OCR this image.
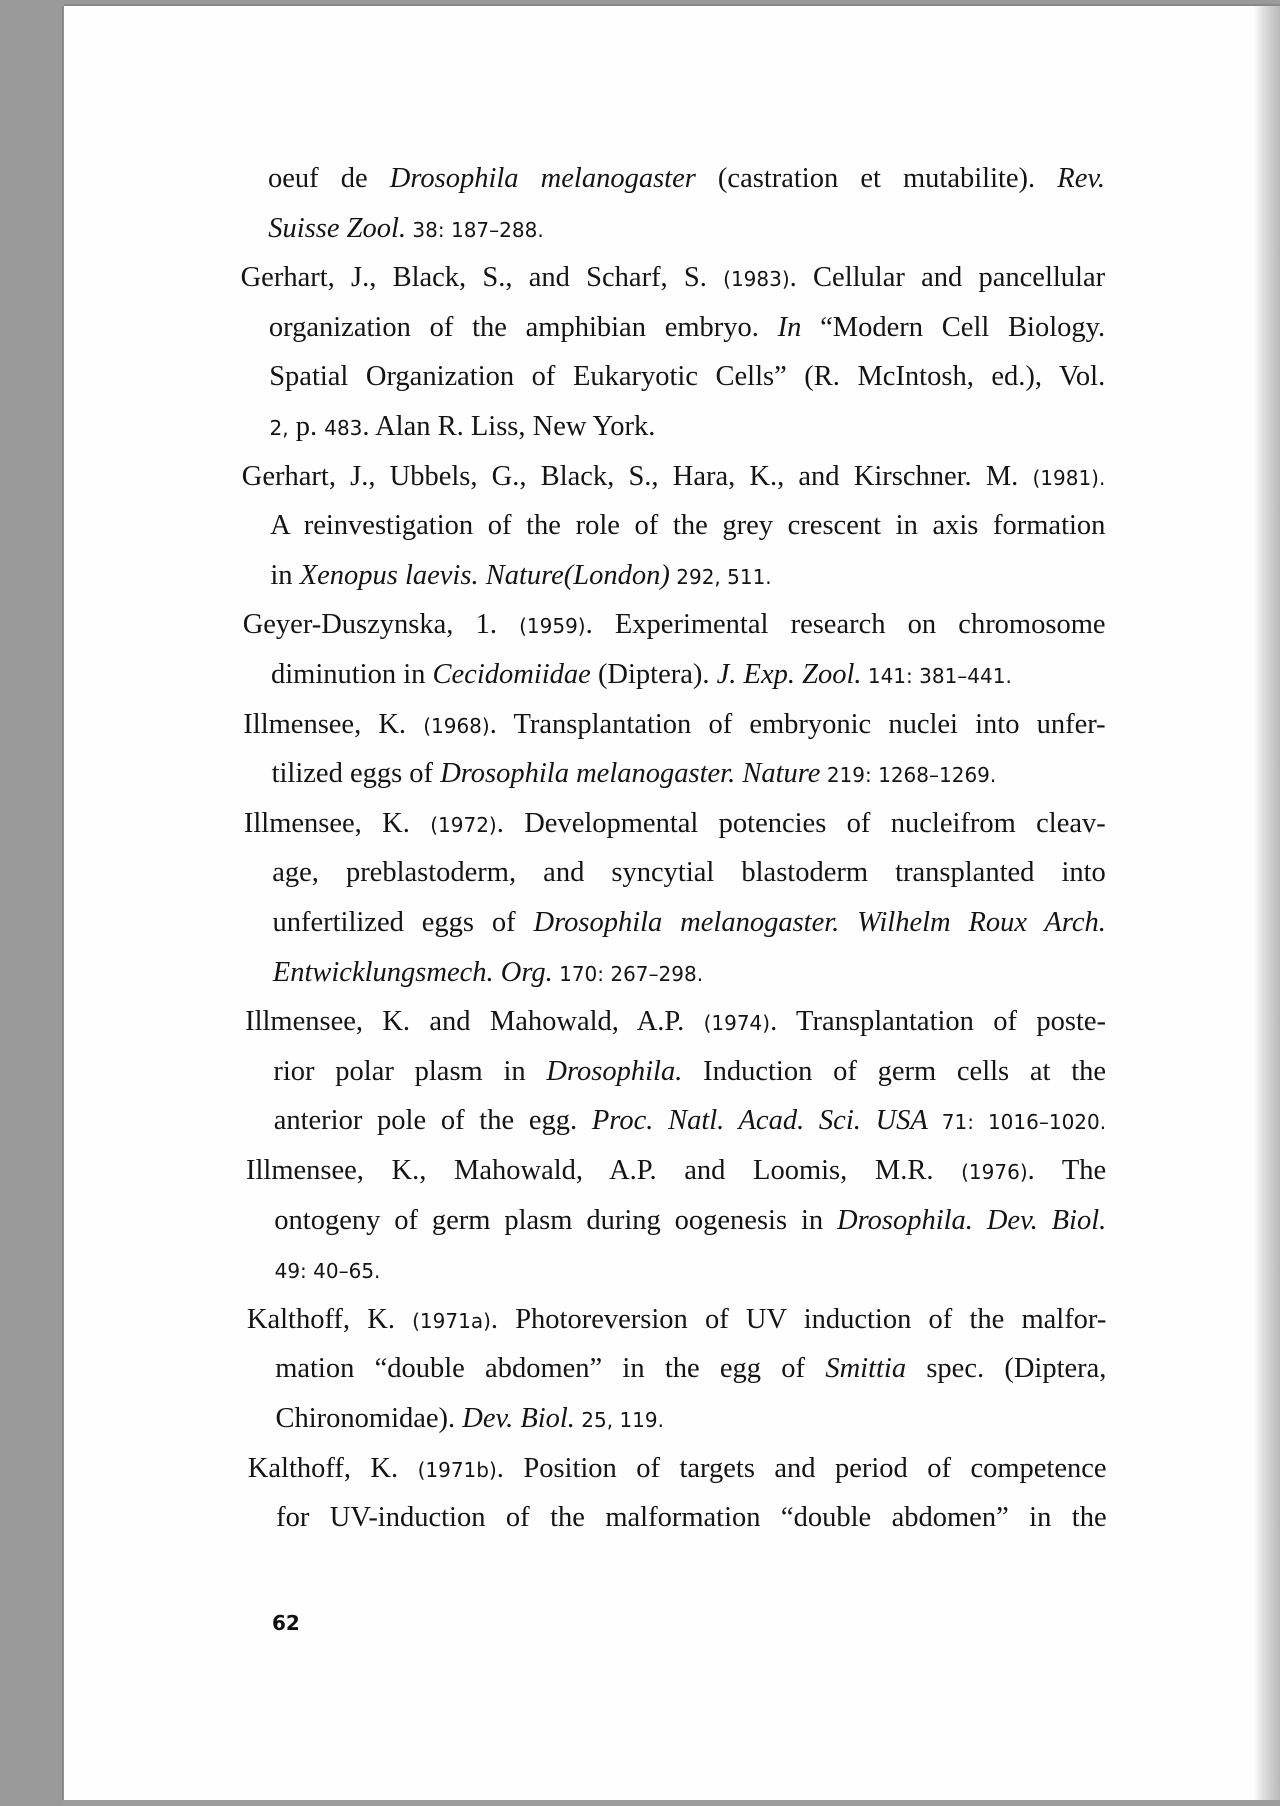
oeuf de Drosophila melanogaster (castration et mutabilite). Rev.
Suisse Zool. 38: 187–288.
Gerhart, J., Black, S., and Scharf, S. (1983). Cellular and pancellular
organization of the amphibian embryo. In “Modern Cell Biology.
Spatial Organization of Eukaryotic Cells” (R. McIntosh, ed.), Vol.
2, p. 483. Alan R. Liss, New York.
Gerhart, J., Ubbels, G., Black, S., Hara, K., and Kirschner. M. (1981).
A reinvestigation of the role of the grey crescent in axis formation
in Xenopus laevis. Nature(London) 292, 511.
Geyer-Duszynska, 1. (1959). Experimental research on chromosome
diminution in Cecidomiidae (Diptera). J. Exp. Zool. 141: 381–441.
Illmensee, K. (1968). Transplantation of embryonic nuclei into unfer-
tilized eggs of Drosophila melanogaster. Nature 219: 1268–1269.
Illmensee, K. (1972). Developmental potencies of nucleifrom cleav-
age, preblastoderm, and syncytial blastoderm transplanted into
unfertilized eggs of Drosophila melanogaster. Wilhelm Roux Arch.
Entwicklungsmech. Org. 170: 267–298.
Illmensee, K. and Mahowald, A.P. (1974). Transplantation of poste-
rior polar plasm in Drosophila. Induction of germ cells at the
anterior pole of the egg. Proc. Natl. Acad. Sci. USA 71: 1016–1020.
Illmensee, K., Mahowald, A.P. and Loomis, M.R. (1976). The
ontogeny of germ plasm during oogenesis in Drosophila. Dev. Biol.
49: 40–65.
Kalthoff, K. (1971a). Photoreversion of UV induction of the malfor-
mation “double abdomen” in the egg of Smittia spec. (Diptera,
Chironomidae). Dev. Biol. 25, 119.
Kalthoff, K. (1971b). Position of targets and period of competence
for UV-induction of the malformation “double abdomen” in the
62
